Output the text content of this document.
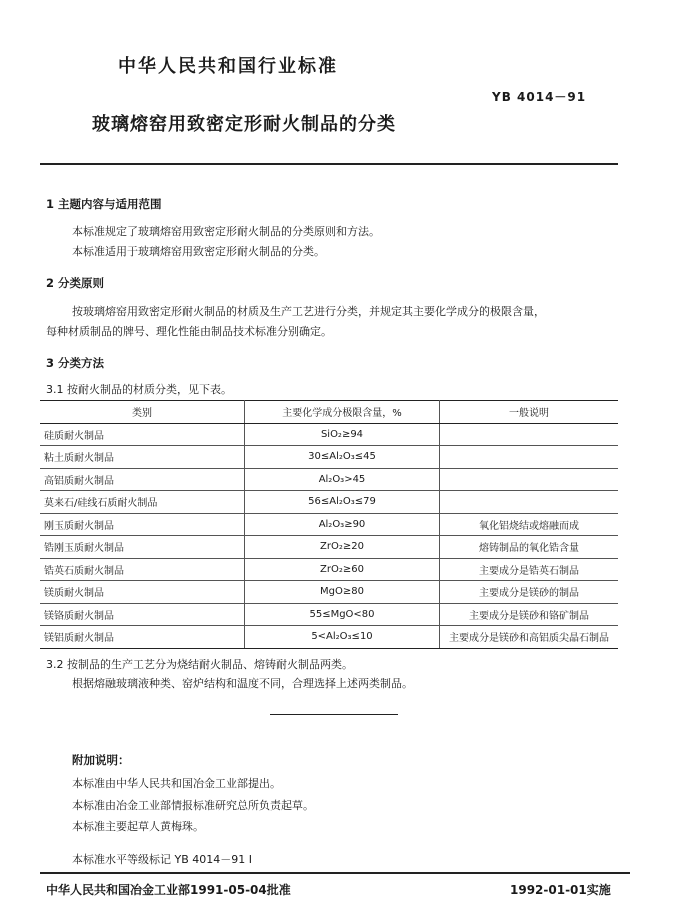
中华人民共和国行业标准
YB 4014－91
玻璃熔窑用致密定形耐火制品的分类
1 主题内容与适用范围
本标准规定了玻璃熔窑用致密定形耐火制品的分类原则和方法。
本标准适用于玻璃熔窑用致密定形耐火制品的分类。
2 分类原则
按玻璃熔窑用致密定形耐火制品的材质及生产工艺进行分类，并规定其主要化学成分的极限含量，
每种材质制品的牌号、理化性能由制品技术标准分别确定。
3 分类方法
3.1 按耐火制品的材质分类，见下表。
类别	主要化学成分极限含量，%	一般说明
硅质耐火制品	SiO₂≥94	
粘土质耐火制品	30≤Al₂O₃≤45	
高铝质耐火制品	Al₂O₃>45	
莫来石/硅线石质耐火制品	56≤Al₂O₃≤79	
刚玉质耐火制品	Al₂O₃≥90	氧化铝烧结或熔融而成
锆刚玉质耐火制品	ZrO₂≥20	熔铸制品的氧化锆含量
锆英石质耐火制品	ZrO₂≥60	主要成分是锆英石制品
镁质耐火制品	MgO≥80	主要成分是镁砂的制品
镁铬质耐火制品	55≤MgO<80	主要成分是镁砂和铬矿制品
镁铝质耐火制品	5<Al₂O₃≤10	主要成分是镁砂和高铝质尖晶石制品
3.2 按制品的生产工艺分为烧结耐火制品、熔铸耐火制品两类。
根据熔融玻璃液种类、窑炉结构和温度不同，合理选择上述两类制品。
附加说明：
本标准由中华人民共和国冶金工业部提出。
本标准由冶金工业部情报标准研究总所负责起草。
本标准主要起草人黄梅珠。
本标准水平等级标记 YB 4014－91 I
中华人民共和国冶金工业部1991-05-04批准	1992-01-01实施
